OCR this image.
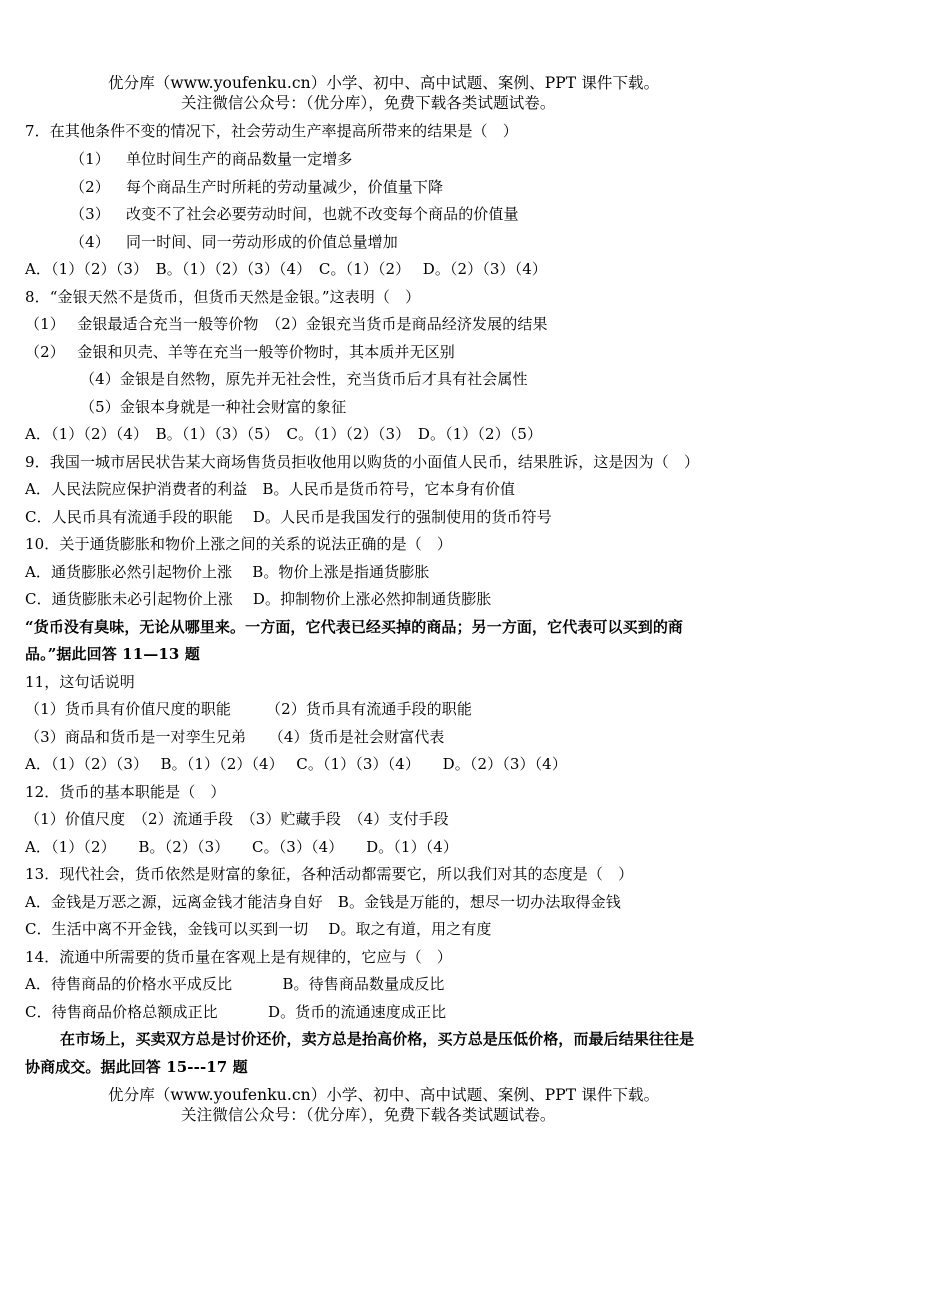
优分库（www.youfenku.cn）小学、初中、高中试题、案例、PPT 课件下载。
关注微信公众号：（优分库），免费下载各类试题试卷。
7．在其他条件不变的情况下，社会劳动生产率提高所带来的结果是（　）
（1） 单位时间生产的商品数量一定增多
（2） 每个商品生产时所耗的劳动量减少，价值量下降
（3） 改变不了社会必要劳动时间，也就不改变每个商品的价值量
（4） 同一时间、同一劳动形成的价值总量增加
A．（1）（2）（3）　B。（1）（2）（3）（4）　C。（1）（2）　 D。（2）（3）（4）
8．“金银天然不是货币，但货币天然是金银。”这表明（　）
（1）　 金银最适合充当一般等价物　（2）金银充当货币是商品经济发展的结果
（2）　 金银和贝壳、羊等在充当一般等价物时，其本质并无区别
（4）金银是自然物，原先并无社会性，充当货币后才具有社会属性
（5）金银本身就是一种社会财富的象征
A．（1）（2）（4）　B。（1）（3）（5）　C。（1）（2）（3）　D。（1）（2）（5）
9．我国一城市居民状告某大商场售货员拒收他用以购货的小面值人民币，结果胜诉，这是因为（　）
A．人民法院应保护消费者的利益　B。人民币是货币符号，它本身有价值
C．人民币具有流通手段的职能　 D。人民币是我国发行的强制使用的货币符号
10．关于通货膨胀和物价上涨之间的关系的说法正确的是（　）
A．通货膨胀必然引起物价上涨　 B。物价上涨是指通货膨胀
C．通货膨胀未必引起物价上涨　 D。抑制物价上涨必然抑制通货膨胀
“货币没有臭味，无论从哪里来。一方面，它代表已经买掉的商品；另一方面，它代表可以买到的商
品。”据此回答 11—13 题
11，这句话说明
（1）货币具有价值尺度的职能　　 （2）货币具有流通手段的职能
（3）商品和货币是一对孪生兄弟　　（4）货币是社会财富代表
A．（1）（2）（3）　 B。（1）（2）（4）　 C。（1）（3）（4）　　D。（2）（3）（4）
12．货币的基本职能是（　）
（1）价值尺度　（2）流通手段　（3）贮藏手段　（4）支付手段
A．（1）（2）　　B。（2）（3）　　C。（3）（4）　　D。（1）（4）
13．现代社会，货币依然是财富的象征，各种活动都需要它，所以我们对其的态度是（　）
A．金钱是万恶之源，远离金钱才能洁身自好　B。金钱是万能的，想尽一切办法取得金钱
C．生活中离不开金钱，金钱可以买到一切　 D。取之有道，用之有度
14．流通中所需要的货币量在客观上是有规律的，它应与（　）
A．待售商品的价格水平成反比　　　 B。待售商品数量成反比
C．待售商品价格总额成正比　　　 D。货币的流通速度成正比
在市场上，买卖双方总是讨价还价，卖方总是抬高价格，买方总是压低价格，而最后结果往往是
协商成交。据此回答 15---17 题
优分库（www.youfenku.cn）小学、初中、高中试题、案例、PPT 课件下载。
关注微信公众号：（优分库），免费下载各类试题试卷。
